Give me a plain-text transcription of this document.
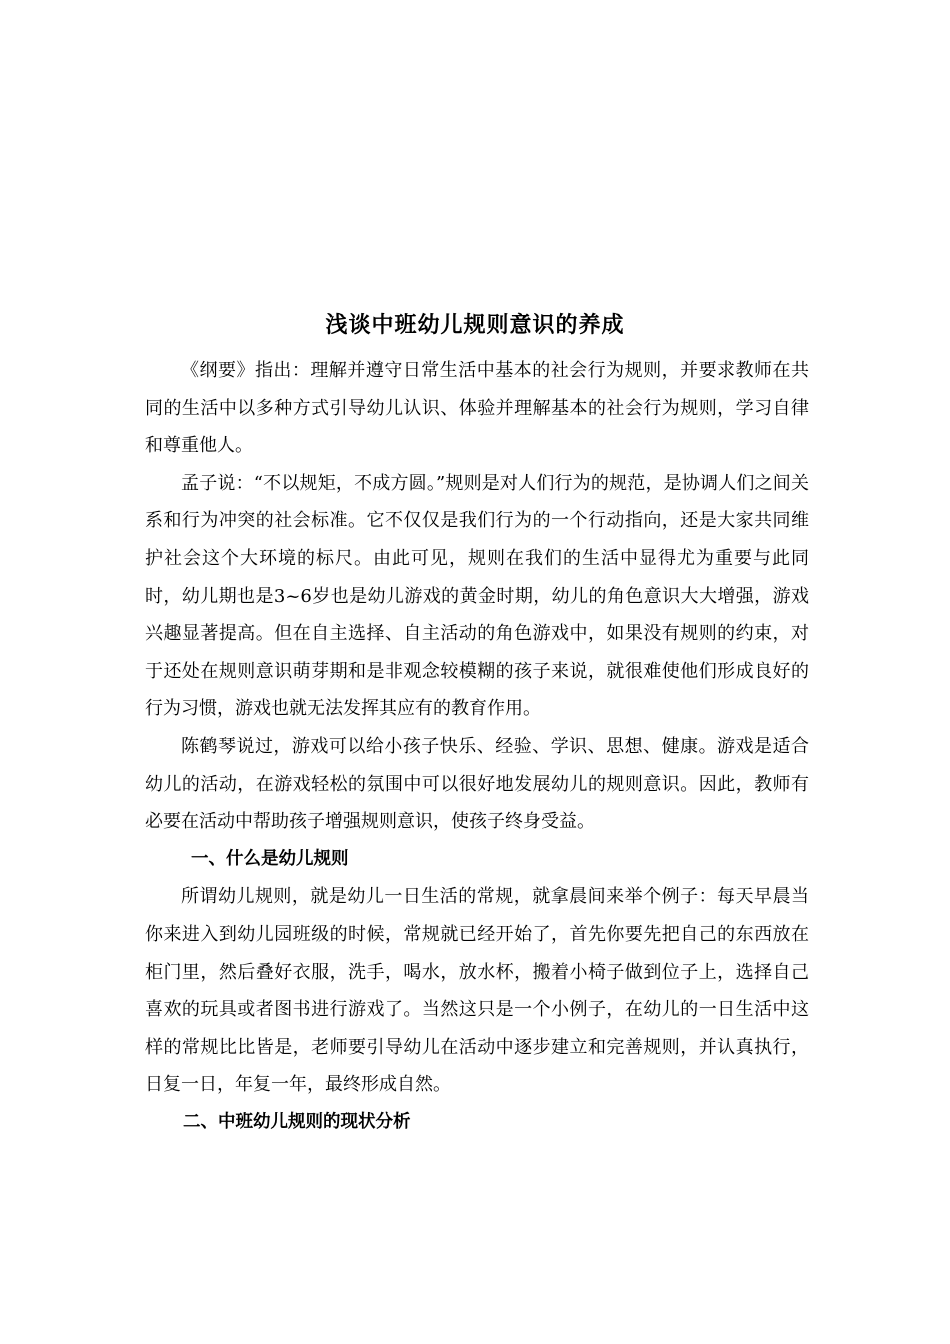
浅谈中班幼儿规则意识的养成

《纲要》指出：理解并遵守日常生活中基本的社会行为规则，并要求教师在共同的生活中以多种方式引导幼儿认识、体验并理解基本的社会行为规则，学习自律和尊重他人。

孟子说：“不以规矩，不成方圆。”规则是对人们行为的规范，是协调人们之间关系和行为冲突的社会标准。它不仅仅是我们行为的一个行动指向，还是大家共同维护社会这个大环境的标尺。由此可见，规则在我们的生活中显得尤为重要与此同时，幼儿期也是3~6岁也是幼儿游戏的黄金时期，幼儿的角色意识大大增强，游戏兴趣显著提高。但在自主选择、自主活动的角色游戏中，如果没有规则的约束，对于还处在规则意识萌芽期和是非观念较模糊的孩子来说，就很难使他们形成良好的行为习惯，游戏也就无法发挥其应有的教育作用。

陈鹤琴说过，游戏可以给小孩子快乐、经验、学识、思想、健康。游戏是适合幼儿的活动，在游戏轻松的氛围中可以很好地发展幼儿的规则意识。因此，教师有必要在活动中帮助孩子增强规则意识，使孩子终身受益。

一、什么是幼儿规则

所谓幼儿规则，就是幼儿一日生活的常规，就拿晨间来举个例子：每天早晨当你来进入到幼儿园班级的时候，常规就已经开始了，首先你要先把自己的东西放在柜门里，然后叠好衣服，洗手，喝水，放水杯，搬着小椅子做到位子上，选择自己喜欢的玩具或者图书进行游戏了。当然这只是一个小例子，在幼儿的一日生活中这样的常规比比皆是，老师要引导幼儿在活动中逐步建立和完善规则，并认真执行，日复一日，年复一年，最终形成自然。

二、中班幼儿规则的现状分析
